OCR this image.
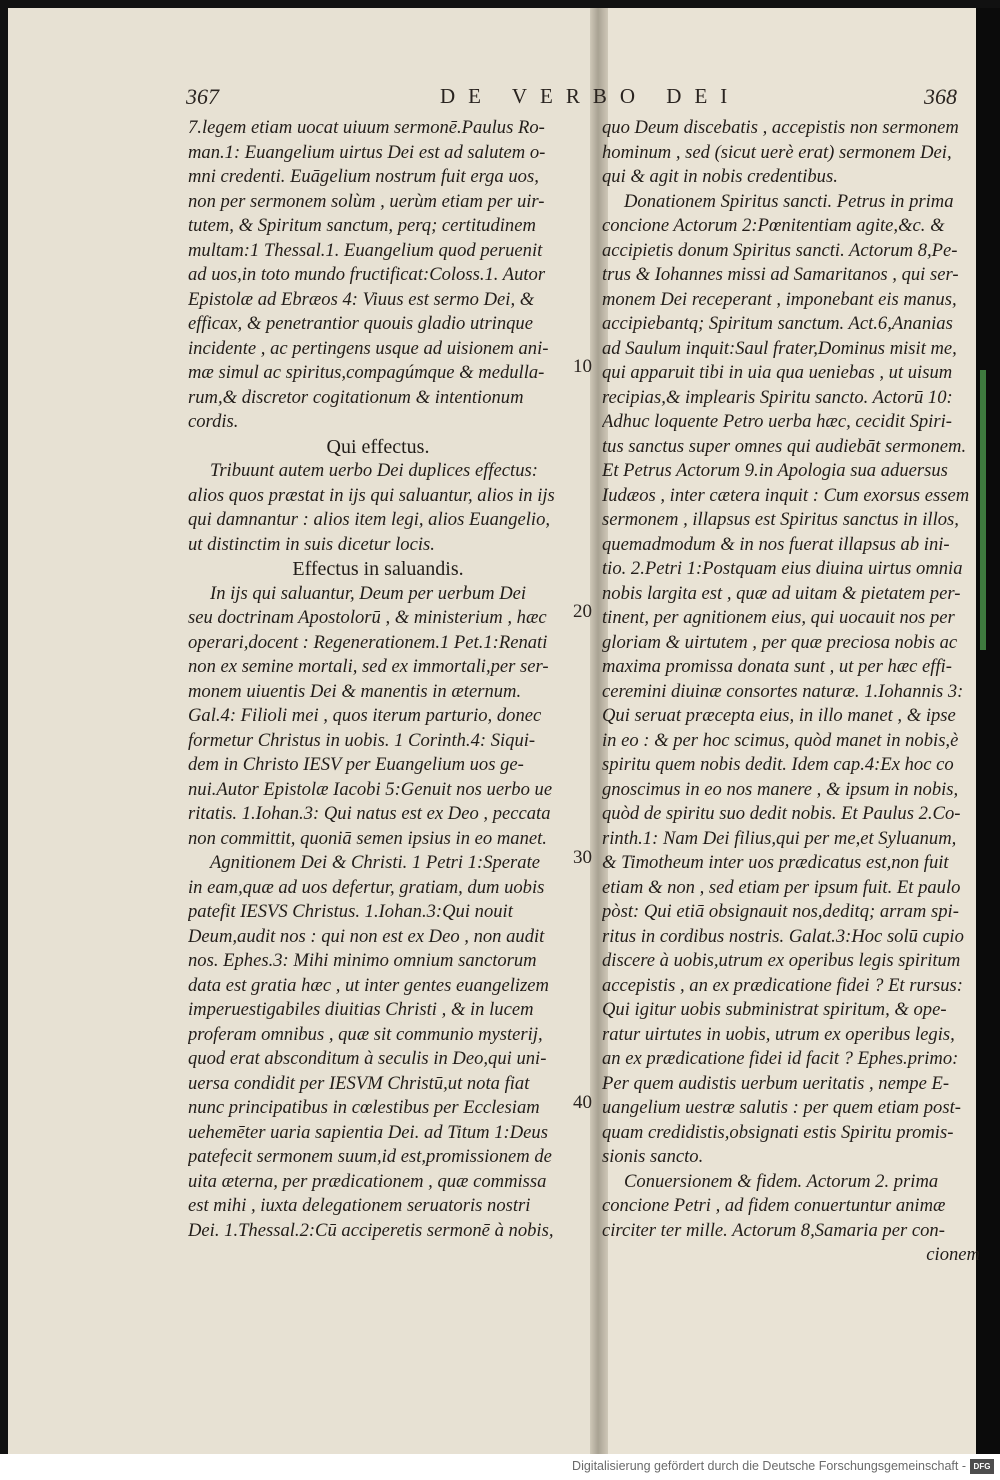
367	DE VERBO DEI	368
7.legem etiam uocat uiuum sermonē.Paulus Ro-
man.1: Euangelium uirtus Dei est ad salutem o-
mni credenti. Euāgelium nostrum fuit erga uos,
non per sermonem solùm , uerùm etiam per uir-
tutem, & Spiritum sanctum, perq; certitudinem
multam:1 Thessal.1. Euangelium quod peruenit
ad uos,in toto mundo fructificat:Coloss.1. Autor
Epistolæ ad Ebræos 4: Viuus est sermo Dei, &
efficax, & penetrantior quouis gladio utrinque
incidente , ac pertingens usque ad uisionem ani-
mæ simul ac spiritus,compagúmque & medulla-
rum,& discretor cogitationum & intentionum
cordis.
Qui effectus.
Tribuunt autem uerbo Dei duplices effectus:
alios quos præstat in ijs qui saluantur, alios in ijs
qui damnantur : alios item legi, alios Euangelio,
ut distinctim in suis dicetur locis.
Effectus in saluandis.
In ijs qui saluantur, Deum per uerbum Dei
seu doctrinam Apostolorū , & ministerium , hæc
operari,docent : Regenerationem.1 Pet.1:Renati
non ex semine mortali, sed ex immortali,per ser-
monem uiuentis Dei & manentis in æternum.
Gal.4: Filioli mei , quos iterum parturio, donec
formetur Christus in uobis. 1 Corinth.4: Siqui-
dem in Christo IESV per Euangelium uos ge-
nui.Autor Epistolæ Iacobi 5:Genuit nos uerbo ue
ritatis. 1.Iohan.3: Qui natus est ex Deo , peccata
non committit, quoniā semen ipsius in eo manet.
Agnitionem Dei & Christi. 1 Petri 1:Sperate
in eam,quæ ad uos defertur, gratiam, dum uobis
patefit IESVS Christus. 1.Iohan.3:Qui nouit
Deum,audit nos : qui non est ex Deo , non audit
nos. Ephes.3: Mihi minimo omnium sanctorum
data est gratia hæc , ut inter gentes euangelizem
imperuestigabiles diuitias Christi , & in lucem
proferam omnibus , quæ sit communio mysterij,
quod erat absconditum à seculis in Deo,qui uni-
uersa condidit per IESVM Christū,ut nota fiat
nunc principatibus in cœlestibus per Ecclesiam
uehemēter uaria sapientia Dei. ad Titum 1:Deus
patefecit sermonem suum,id est,promissionem de
uita æterna, per prædicationem , quæ commissa
est mihi , iuxta delegationem seruatoris nostri
Dei. 1.Thessal.2:Cū acciperetis sermonē à nobis,
quo Deum discebatis , accepistis non sermonem
hominum , sed (sicut uerè erat) sermonem Dei,
qui & agit in nobis credentibus.
Donationem Spiritus sancti. Petrus in prima
concione Actorum 2:Pœnitentiam agite,&c. &
accipietis donum Spiritus sancti. Actorum 8,Pe-
trus & Iohannes missi ad Samaritanos , qui ser-
monem Dei receperant , imponebant eis manus,
accipiebantq; Spiritum sanctum. Act.6,Ananias
ad Saulum inquit:Saul frater,Dominus misit me,
qui apparuit tibi in uia qua ueniebas , ut uisum
recipias,& implearis Spiritu sancto. Actorū 10:
Adhuc loquente Petro uerba hæc, cecidit Spiri-
tus sanctus super omnes qui audiebāt sermonem.
Et Petrus Actorum 9.in Apologia sua aduersus
Iudæos , inter cætera inquit : Cum exorsus essem
sermonem , illapsus est Spiritus sanctus in illos,
quemadmodum & in nos fuerat illapsus ab ini-
tio. 2.Petri 1:Postquam eius diuina uirtus omnia
nobis largita est , quæ ad uitam & pietatem per-
tinent, per agnitionem eius, qui uocauit nos per
gloriam & uirtutem , per quæ preciosa nobis ac
maxima promissa donata sunt , ut per hæc effi-
ceremini diuinæ consortes naturæ. 1.Iohannis 3:
Qui seruat præcepta eius, in illo manet , & ipse
in eo : & per hoc scimus, quòd manet in nobis,è
spiritu quem nobis dedit. Idem cap.4:Ex hoc co
gnoscimus in eo nos manere , & ipsum in nobis,
quòd de spiritu suo dedit nobis. Et Paulus 2.Co-
rinth.1: Nam Dei filius,qui per me,et Syluanum,
& Timotheum inter uos prædicatus est,non fuit
etiam & non , sed etiam per ipsum fuit. Et paulo
pòst: Qui etiā obsignauit nos,deditq; arram spi-
ritus in cordibus nostris. Galat.3:Hoc solū cupio
discere à uobis,utrum ex operibus legis spiritum
accepistis , an ex prædicatione fidei ? Et rursus:
Qui igitur uobis subministrat spiritum, & ope-
ratur uirtutes in uobis, utrum ex operibus legis,
an ex prædicatione fidei id facit ? Ephes.primo:
Per quem audistis uerbum ueritatis , nempe E-
uangelium uestræ salutis : per quem etiam post-
quam credidistis,obsignati estis Spiritu promis-
sionis sancto.
Conuersionem & fidem. Actorum 2. prima
concione Petri , ad fidem conuertuntur animæ
circiter ter mille. Actorum 8,Samaria per con-
cionem
10
20
30
40
Digitalisierung gefördert durch die Deutsche Forschungsgemeinschaft - DFG
